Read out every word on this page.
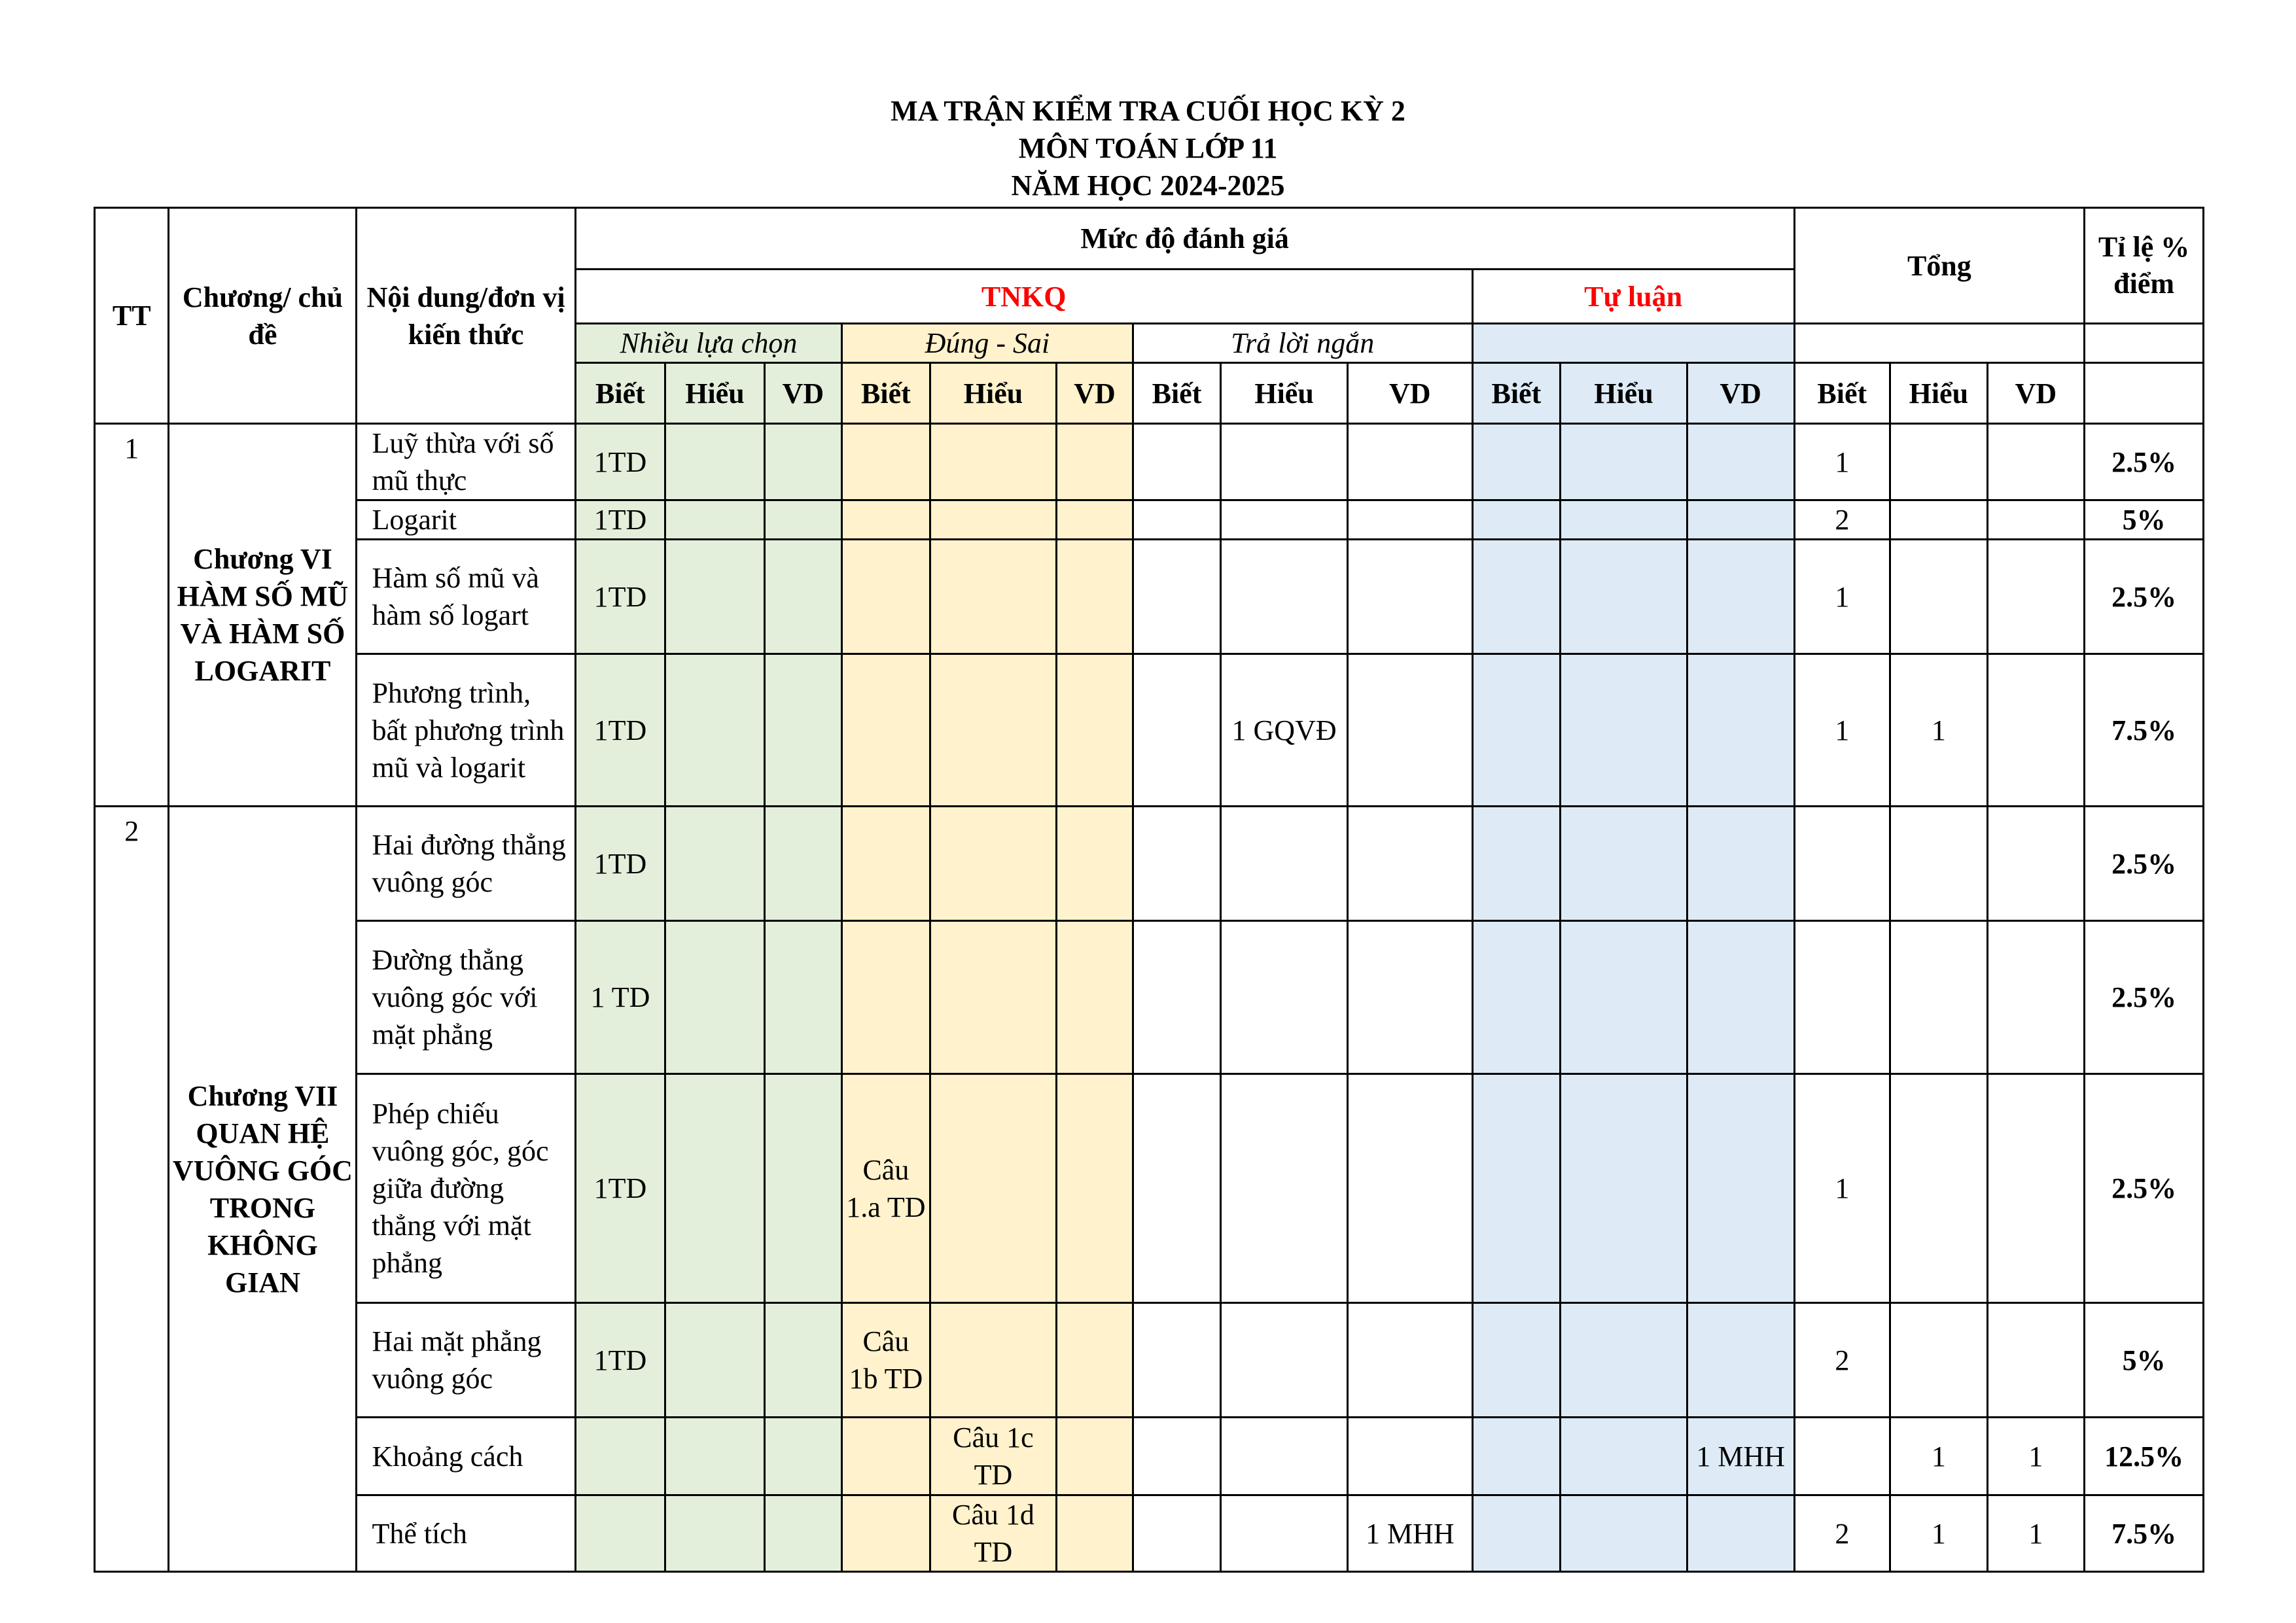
MA TRẬN KIỂM TRA CUỐI HỌC KỲ 2
MÔN TOÁN LỚP 11
NĂM HỌC 2024-2025
TT	Chương/ chủ đề	Nội dung/đơn vị kiến thức	Mức độ đánh giá												Tổng			Tỉ lệ % điểm
			TNKQ									Tự luận						
			Nhiều lựa chọn			Đúng - Sai			Trả lời ngắn									
			Biết	Hiểu	VD	Biết	Hiểu	VD	Biết	Hiểu	VD	Biết	Hiểu	VD	Biết	Hiểu	VD	
1	Chương VI HÀM SỐ MŨ VÀ HÀM SỐ LOGARIT	Luỹ thừa với số mũ thực	1TD												1			2.5%
		Logarit	1TD												2			5%
		Hàm số mũ và hàm số logart	1TD												1			2.5%
		Phương trình, bất phương trình mũ và logarit	1TD							1 GQVĐ					1	1		7.5%
2	Chương VII QUAN HỆ VUÔNG GÓC TRONG KHÔNG GIAN	Hai đường thẳng vuông góc	1TD															2.5%
		Đường thẳng vuông góc với mặt phẳng	1 TD															2.5%
		Phép chiếu vuông góc, góc giữa đường thẳng với mặt phẳng	1TD			Câu 1.a TD									1			2.5%
		Hai mặt phẳng vuông góc	1TD			Câu 1b TD									2			5%
		Khoảng cách					Câu 1c TD							1 MHH		1	1	12.5%
		Thể tích					Câu 1d TD				1 MHH				2	1	1	7.5%
